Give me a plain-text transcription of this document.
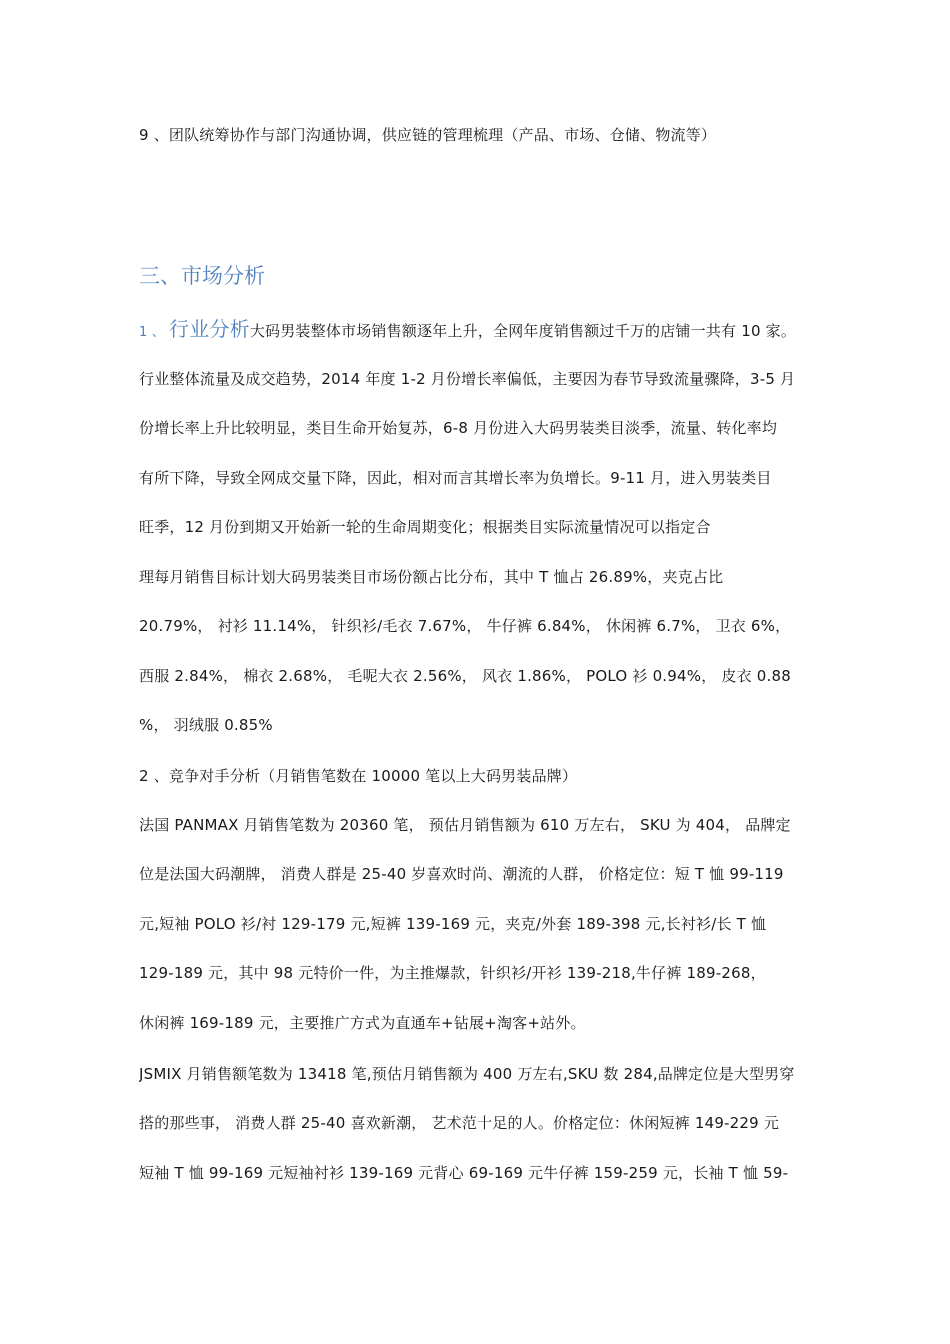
9 、团队统筹协作与部门沟通协调，供应链的管理梳理（产品、市场、仓储、物流等）
三、市场分析
1 、 行业分析大码男装整体市场销售额逐年上升，全网年度销售额过千万的店铺一共有 10 家。
行业整体流量及成交趋势，2014 年度 1-2 月份增长率偏低，主要因为春节导致流量骤降，3-5 月
份增长率上升比较明显，类目生命开始复苏，6-8 月份进入大码男装类目淡季，流量、转化率均
有所下降，导致全网成交量下降，因此，相对而言其增长率为负增长。9-11 月，进入男装类目
旺季，12 月份到期又开始新一轮的生命周期变化；根据类目实际流量情况可以指定合
理每月销售目标计划大码男装类目市场份额占比分布，其中 T 恤占 26.89%，夹克占比
20.79%， 衬衫 11.14%， 针织衫/毛衣 7.67%， 牛仔裤 6.84%， 休闲裤 6.7%， 卫衣 6%，
西服 2.84%， 棉衣 2.68%， 毛呢大衣 2.56%， 风衣 1.86%， POLO 衫 0.94%， 皮衣 0.88
%， 羽绒服 0.85%
2 、竞争对手分析（月销售笔数在 10000 笔以上大码男装品牌）
法国 PANMAX 月销售笔数为 20360 笔， 预估月销售额为 610 万左右， SKU 为 404， 品牌定
位是法国大码潮牌， 消费人群是 25-40 岁喜欢时尚、潮流的人群， 价格定位：短 T 恤 99-119
元,短袖 POLO 衫/衬 129-179 元,短裤 139-169 元，夹克/外套 189-398 元,长衬衫/长 T 恤
129-189 元，其中 98 元特价一件，为主推爆款，针织衫/开衫 139-218,牛仔裤 189-268，
休闲裤 169-189 元，主要推广方式为直通车+钻展+淘客+站外。
JSMIX 月销售额笔数为 13418 笔,预估月销售额为 400 万左右,SKU 数 284,品牌定位是大型男穿
搭的那些事， 消费人群 25-40 喜欢新潮， 艺术范十足的人。价格定位：休闲短裤 149-229 元
短袖 T 恤 99-169 元短袖衬衫 139-169 元背心 69-169 元牛仔裤 159-259 元，长袖 T 恤 59-
